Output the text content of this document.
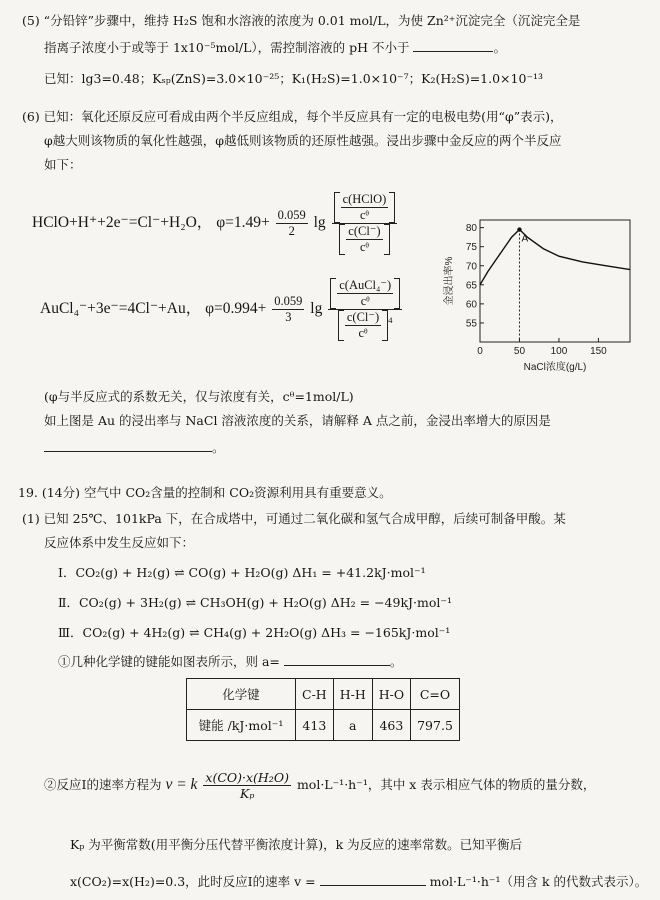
(5) “分铅锌”步骤中，维持 H₂S 饱和水溶液的浓度为 0.01 mol/L，为使 Zn²⁺沉淀完全（沉淀完全是
指离子浓度小于或等于 1x10⁻⁵mol/L），需控制溶液的 pH 不小于	。
已知：lg3=0.48；Kₛₚ(ZnS)=3.0×10⁻²⁵；K₁(H₂S)=1.0×10⁻⁷；K₂(H₂S)=1.0×10⁻¹³
(6) 已知：氧化还原反应可看成由两个半反应组成，每个半反应具有一定的电极电势(用“φ”表示)，
φ越大则该物质的氧化性越强，φ越低则该物质的还原性越强。浸出步骤中金反应的两个半反应
如下：
HClO+H⁺+2e⁻=Cl⁻+H₂O， $\varphi=1.49+ \frac{0.059}{2}$ $\lg \frac{\frac{\text{c(HClO)}}{\text{cᶿ}}}{\frac{c(Cl^-)}{\text{cᶿ}}}$
AuCl₄⁻+3e⁻=4Cl⁻+Au， $\varphi=0.994+ \frac{0.059}{3}$ $\lg \frac{\frac{\text{c(AuCl₄⁻)}}{\text{cᶿ}}}{\frac{c(Cl^-)}{\text{cᶿ}} ^4}$
0	50	100 150
55
60
65
70
75
80
A
NaCl浓度(g/L)
金浸出率%
(φ与半反应式的系数无关，仅与浓度有关，cᶿ=1mol/L)
如上图是 Au 的浸出率与 NaCl 溶液浓度的关系，请解释 A 点之前，金浸出率增大的原因是
。
19. (14分) 空气中 CO₂含量的控制和 CO₂资源利用具有重要意义。
(1) 已知 25℃、101kPa 下，在合成塔中，可通过二氧化碳和氢气合成甲醇，后续可制备甲酸。某
反应体系中发生反应如下：
Ⅰ．CO₂(g) + H₂(g) ⇌ CO(g) + H₂O(g) ΔH₁ = +41.2kJ·mol⁻¹
Ⅱ．CO₂(g) + 3H₂(g) ⇌ CH₃OH(g) + H₂O(g) ΔH₂ = −49kJ·mol⁻¹
Ⅲ．CO₂(g) + 4H₂(g) ⇌ CH₄(g) + 2H₂O(g) ΔH₃ = −165kJ·mol⁻¹
①几种化学键的键能如图表所示，则 a=	。
化学键	C-H	H-H	H-O	C=O
键能 /kJ·mol⁻¹	413	a	463	797.5
②反应Ⅰ的速率方程为 v = k $\frac{\text{x(CO)·x(H₂O)}}{\text{Kₚ}} mol\cdot L^{-1}\cdot h^{-1}$，其中 x 表示相应气体的物质的量分数，
Kₚ 为平衡常数(用平衡分压代替平衡浓度计算)，k 为反应的速率常数。已知平衡后
x(CO₂)=x(H₂)=0.3，此时反应Ⅰ的速率 v =	mol·L⁻¹·h⁻¹（用含 k 的代数式表示）。
